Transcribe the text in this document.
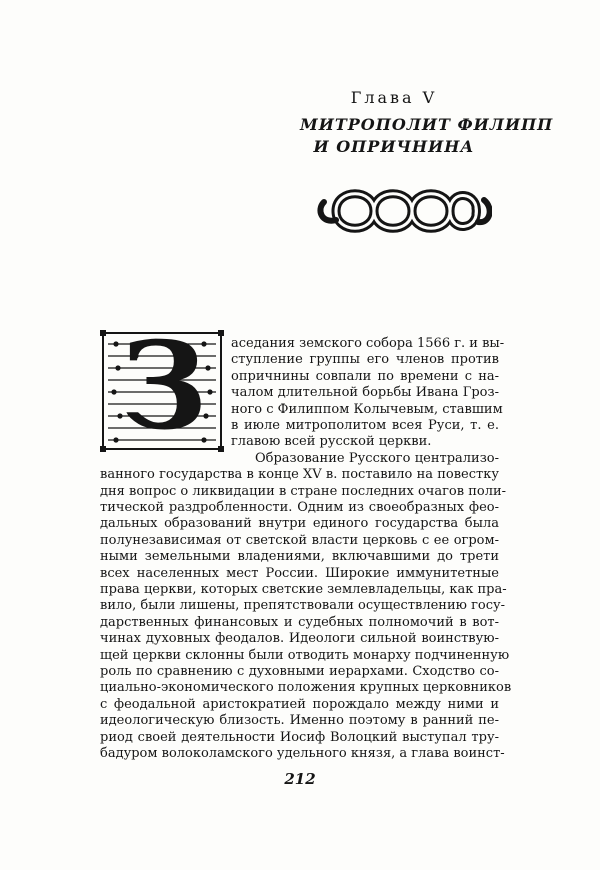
Глава V
МИТРОПОЛИТ ФИЛИПП
И ОПРИЧНИНА
З	аседания земского собора 1566 г. и вы-
ступление группы его членов против
опричнины совпали по времени с на-
чалом длительной борьбы Ивана Гроз-
ного с Филиппом Колычевым, ставшим
в июле митрополитом всея Руси, т. е.
главою всей русской церкви.
Образование Русского централизо-
ванного государства в конце XV в. поставило на повестку
дня вопрос о ликвидации в стране последних очагов поли-
тической раздробленности. Одним из своеобразных фео-
дальных образований внутри единого государства была
полунезависимая от светской власти церковь с ее огром-
ными земельными владениями, включавшими до трети
всех населенных мест России. Широкие иммунитетные
права церкви, которых светские землевладельцы, как пра-
вило, были лишены, препятствовали осуществлению госу-
дарственных финансовых и судебных полномочий в вот-
чинах духовных феодалов. Идеологи сильной воинствую-
щей церкви склонны были отводить монарху подчиненную
роль по сравнению с духовными иерархами. Сходство со-
циально-экономического положения крупных церковников
с феодальной аристократией порождало между ними и
идеологическую близость. Именно поэтому в ранний пе-
риод своей деятельности Иосиф Волоцкий выступал тру-
бадуром волоколамского удельного князя, а глава воинст-
212
